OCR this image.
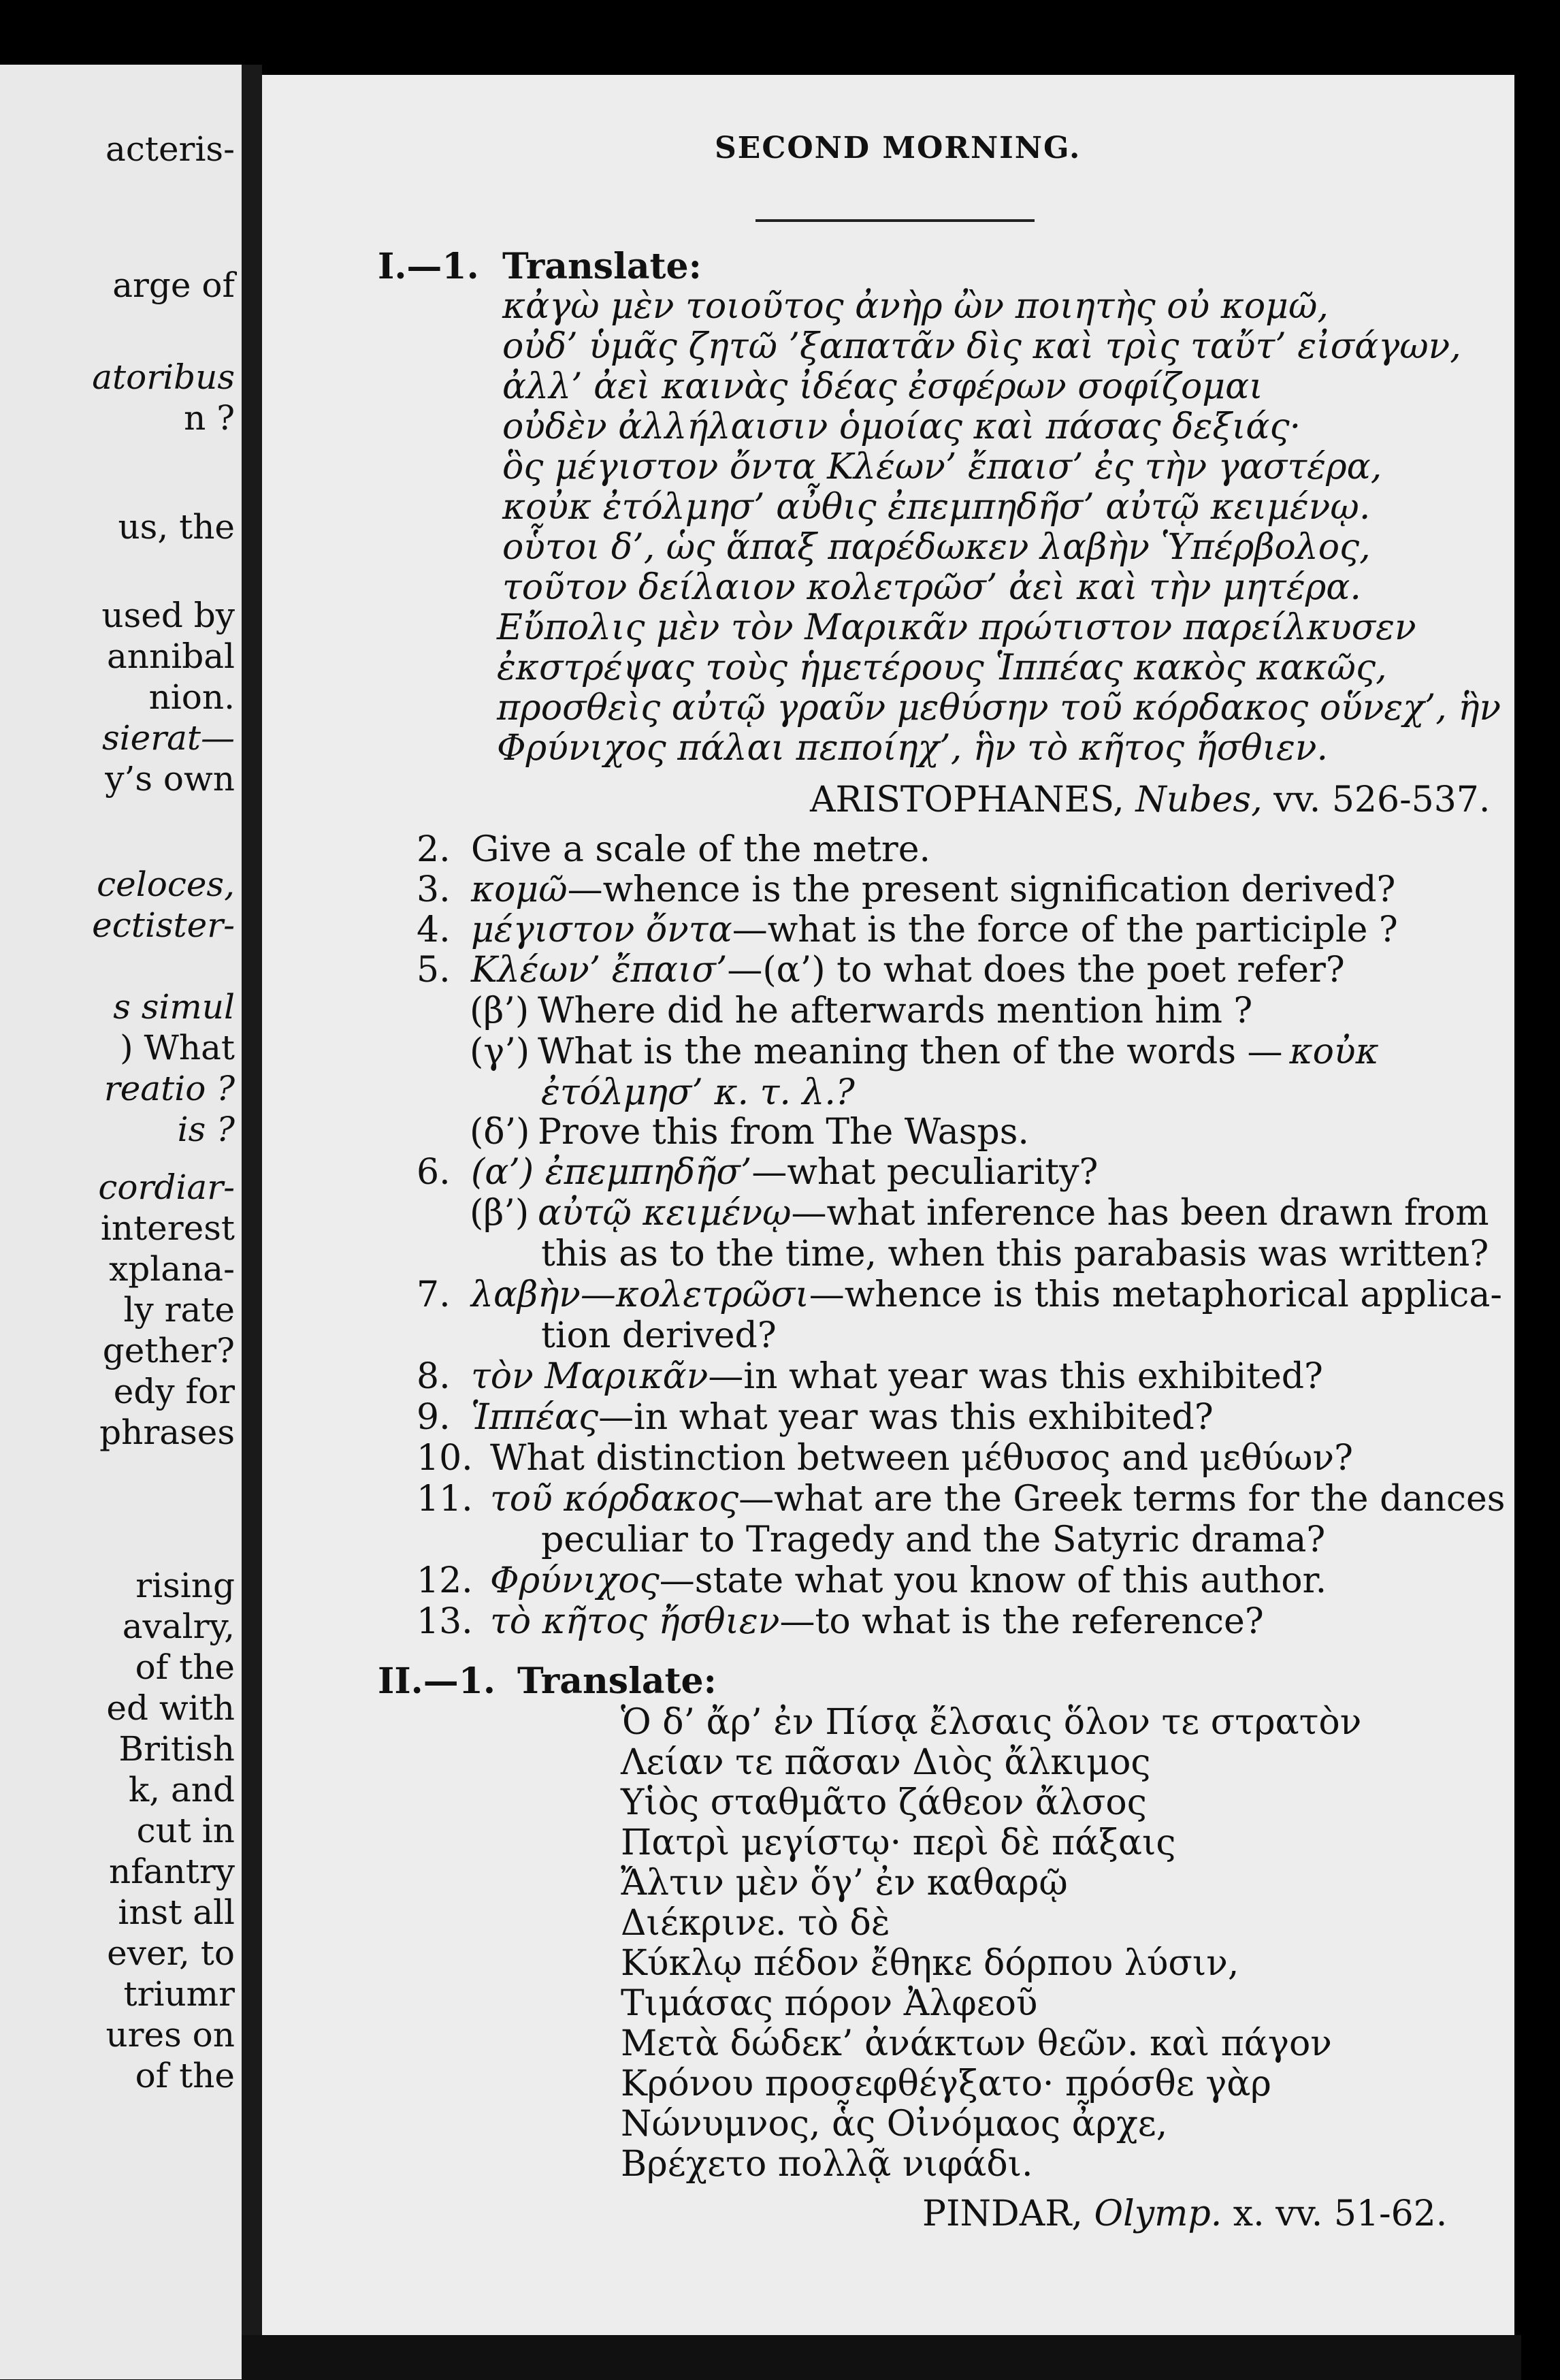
acteris-
arge of
atoribus
n ?
us, the
used by
annibal
nion.
sierat—
y’s own
celoces,
ectister-
s simul
) What
reatio ?
is ?
cordiar-
interest
xplana-
ly rate
gether?
edy for
phrases
rising
avalry,
of the
ed with
British
k, and
cut in
nfantry
inst all
ever, to
triumr
ures on
of the
SECOND MORNING.
I.—1. Translate:
κἀγὼ μὲν τοιοῦτος ἀνὴρ ὢν ποιητὴς οὐ κομῶ,
οὐδ’ ὑμᾶς ζητῶ ’ξαπατᾶν δὶς καὶ τρὶς ταὔτ’ εἰσάγων,
ἀλλ’ ἀεὶ καινὰς ἰδέας ἐσφέρων σοφίζομαι
οὐδὲν ἀλλήλαισιν ὁμοίας καὶ πάσας δεξιάς·
ὃς μέγιστον ὄντα Κλέων’ ἔπαισ’ ἐς τὴν γαστέρα,
κοὐκ ἐτόλμησ’ αὖθις ἐπεμπηδῆσ’ αὐτῷ κειμένῳ.
οὗτοι δ’, ὡς ἅπαξ παρέδωκεν λαβὴν Ὑπέρβολος,
τοῦτον δείλαιον κολετρῶσ’ ἀεὶ καὶ τὴν μητέρα.
Εὔπολις μὲν τὸν Μαρικᾶν πρώτιστον παρείλκυσεν
ἐκστρέψας τοὺς ἡμετέρους Ἱππέας κακὸς κακῶς,
προσθεὶς αὐτῷ γραῦν μεθύσην τοῦ κόρδακος οὕνεχ’, ἣν
Φρύνιχος πάλαι πεποίηχ’, ἣν τὸ κῆτος ἤσθιεν.
ARISTOPHANES, Nubes, vv. 526-537.
2. Give a scale of the metre.
3. κομῶ—whence is the present signification derived?
4. μέγιστον ὄντα—what is the force of the participle ?
5. Κλέων’ ἔπαισ’—(α’) to what does the poet refer?
(β’) Where did he afterwards mention him ?
(γ’) What is the meaning then of the words — κοὐκ
ἐτόλμησ’ κ. τ. λ.?
(δ’) Prove this from The Wasps.
6. (α’) ἐπεμπηδῆσ’—what peculiarity?
(β’) αὐτῷ κειμένῳ—what inference has been drawn from
this as to the time, when this parabasis was written?
7. λαβὴν—κολετρῶσι—whence is this metaphorical applica-
tion derived?
8. τὸν Μαρικᾶν—in what year was this exhibited?
9. Ἱππέας—in what year was this exhibited?
10. What distinction between μέθυσος and μεθύων?
11. τοῦ κόρδακος—what are the Greek terms for the dances
peculiar to Tragedy and the Satyric drama?
12. Φρύνιχος—state what you know of this author.
13. τὸ κῆτος ἤσθιεν—to what is the reference?
II.—1. Translate:
Ὁ δ’ ἄρ’ ἐν Πίσᾳ ἔλσαις ὅλον τε στρατὸν
Λείαν τε πᾶσαν Διὸς ἄλκιμος
Υἱὸς σταθμᾶτο ζάθεον ἄλσος
Πατρὶ μεγίστῳ· περὶ δὲ πάξαις
Ἄλτιν μὲν ὅγ’ ἐν καθαρῷ
Διέκρινε. τὸ δὲ
Κύκλῳ πέδον ἔθηκε δόρπου λύσιν,
Τιμάσας πόρον Ἀλφεοῦ
Μετὰ δώδεκ’ ἀνάκτων θεῶν. καὶ πάγον
Κρόνου προσεφθέγξατο· πρόσθε γὰρ
Νώνυμνος, ἇς Οἰνόμαος ἆρχε,
Βρέχετο πολλᾷ νιφάδι.
PINDAR, Olymp. x. vv. 51-62.
